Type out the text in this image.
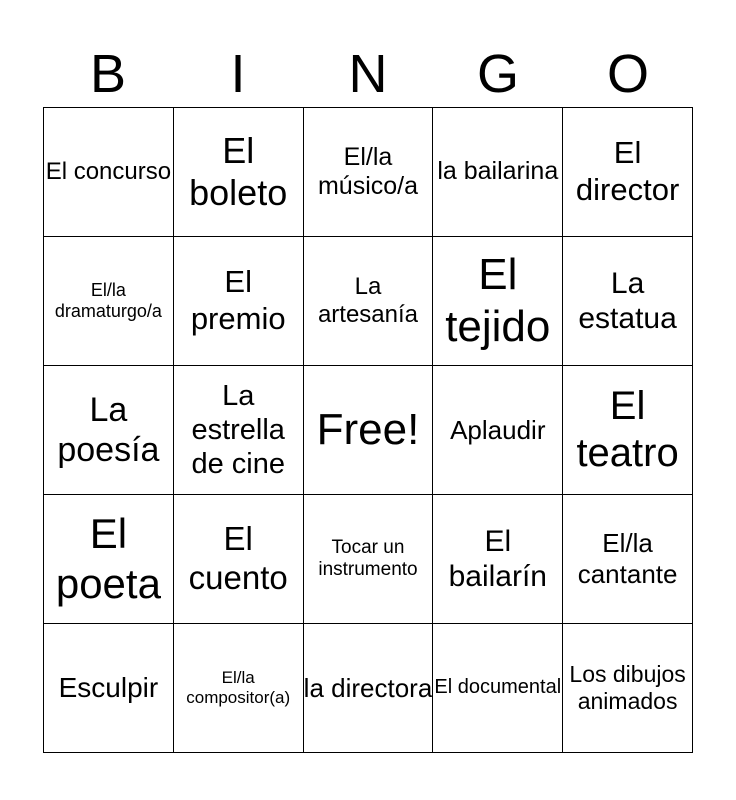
B	I	N	G	O
El concurso	El boleto	El/la músico/a	la bailarina	El director

El/la dramaturgo/a	El premio	La artesanía	El tejido	La estatua

La poesía	La estrella de cine	Free!	Aplaudir	El teatro

El poeta	El cuento	Tocar un instrumento	El bailarín	El/la cantante

Esculpir	El/la compositor(a)	la directora	El documental	Los dibujos animados
